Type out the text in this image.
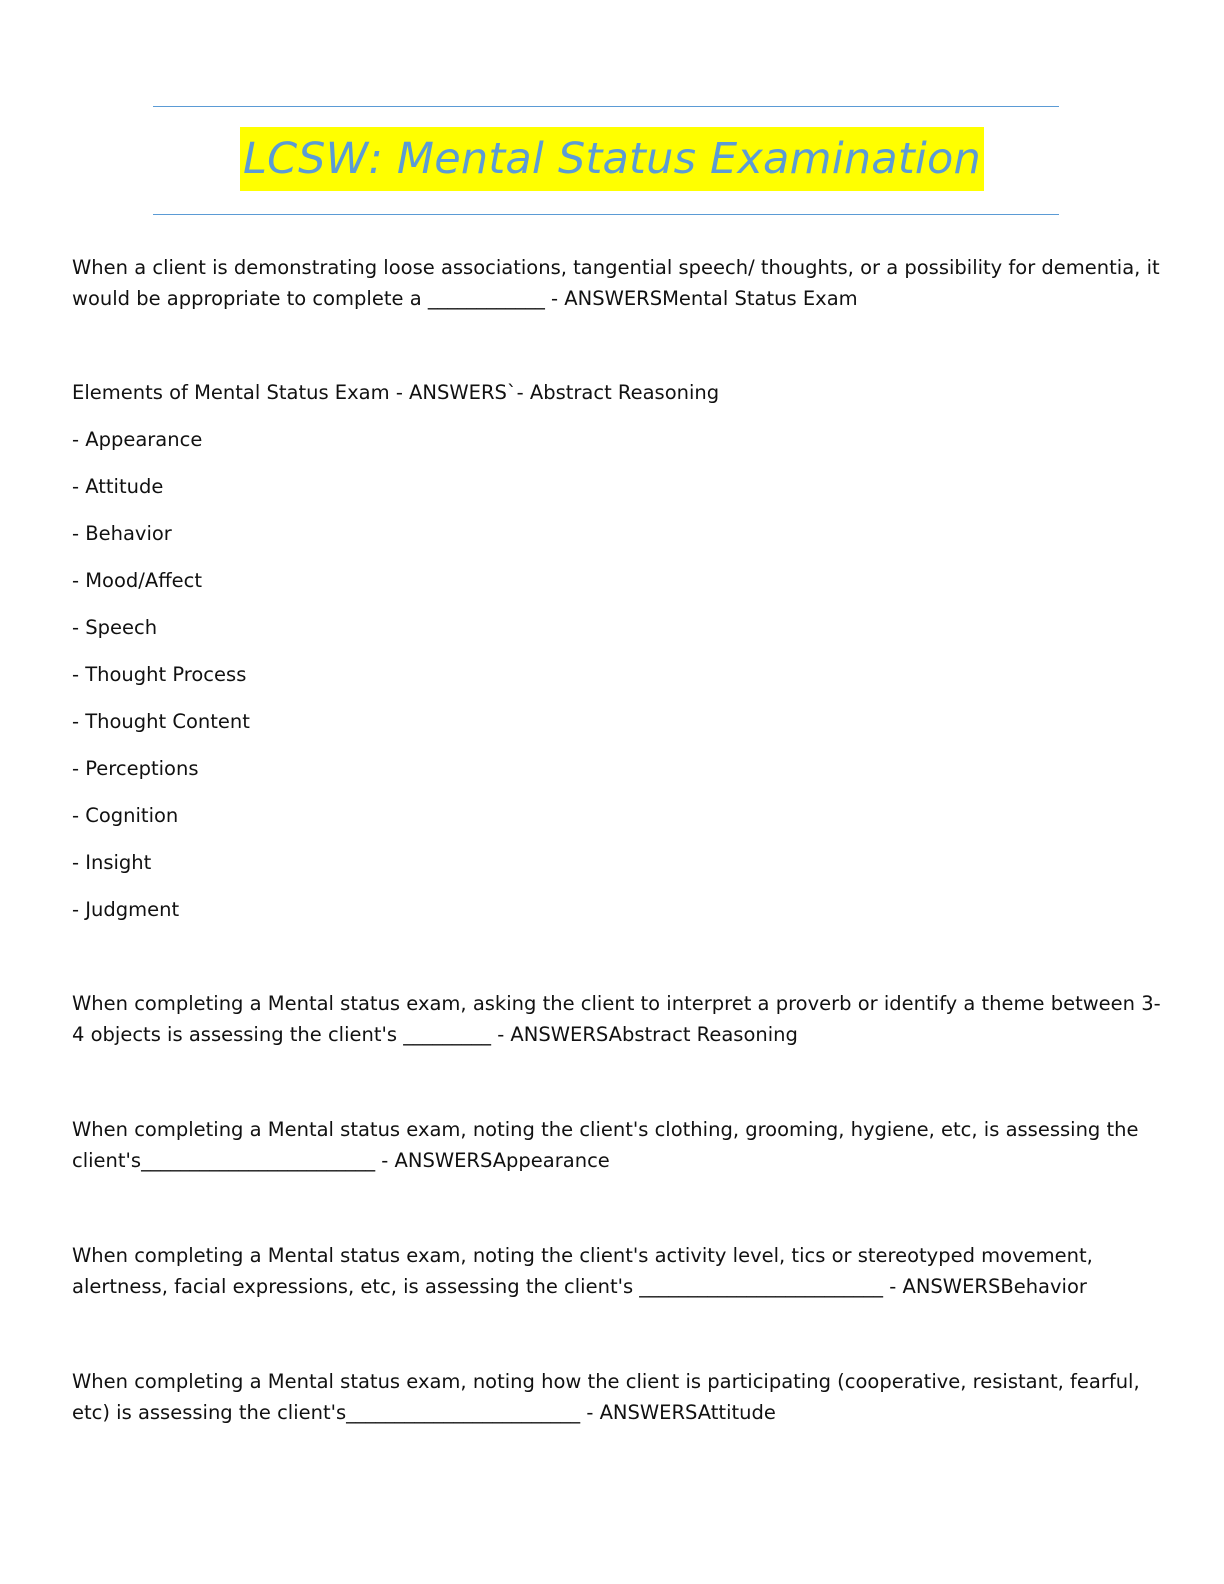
LCSW: Mental Status Examination

When a client is demonstrating loose associations, tangential speech/ thoughts, or a possibility for dementia, it would be appropriate to complete a ____________ - ANSWERSMental Status Exam

Elements of Mental Status Exam - ANSWERS`- Abstract Reasoning

- Appearance

- Attitude

- Behavior

- Mood/Affect

- Speech

- Thought Process

- Thought Content

- Perceptions

- Cognition

- Insight

- Judgment

When completing a Mental status exam, asking the client to interpret a proverb or identify a theme between 3-4 objects is assessing the client's _________ - ANSWERSAbstract Reasoning

When completing a Mental status exam, noting the client's clothing, grooming, hygiene, etc, is assessing the client's________________________ - ANSWERSAppearance

When completing a Mental status exam, noting the client's activity level, tics or stereotyped movement, alertness, facial expressions, etc, is assessing the client's _________________________ - ANSWERSBehavior

When completing a Mental status exam, noting how the client is participating (cooperative, resistant, fearful, etc) is assessing the client's________________________ - ANSWERSAttitude
